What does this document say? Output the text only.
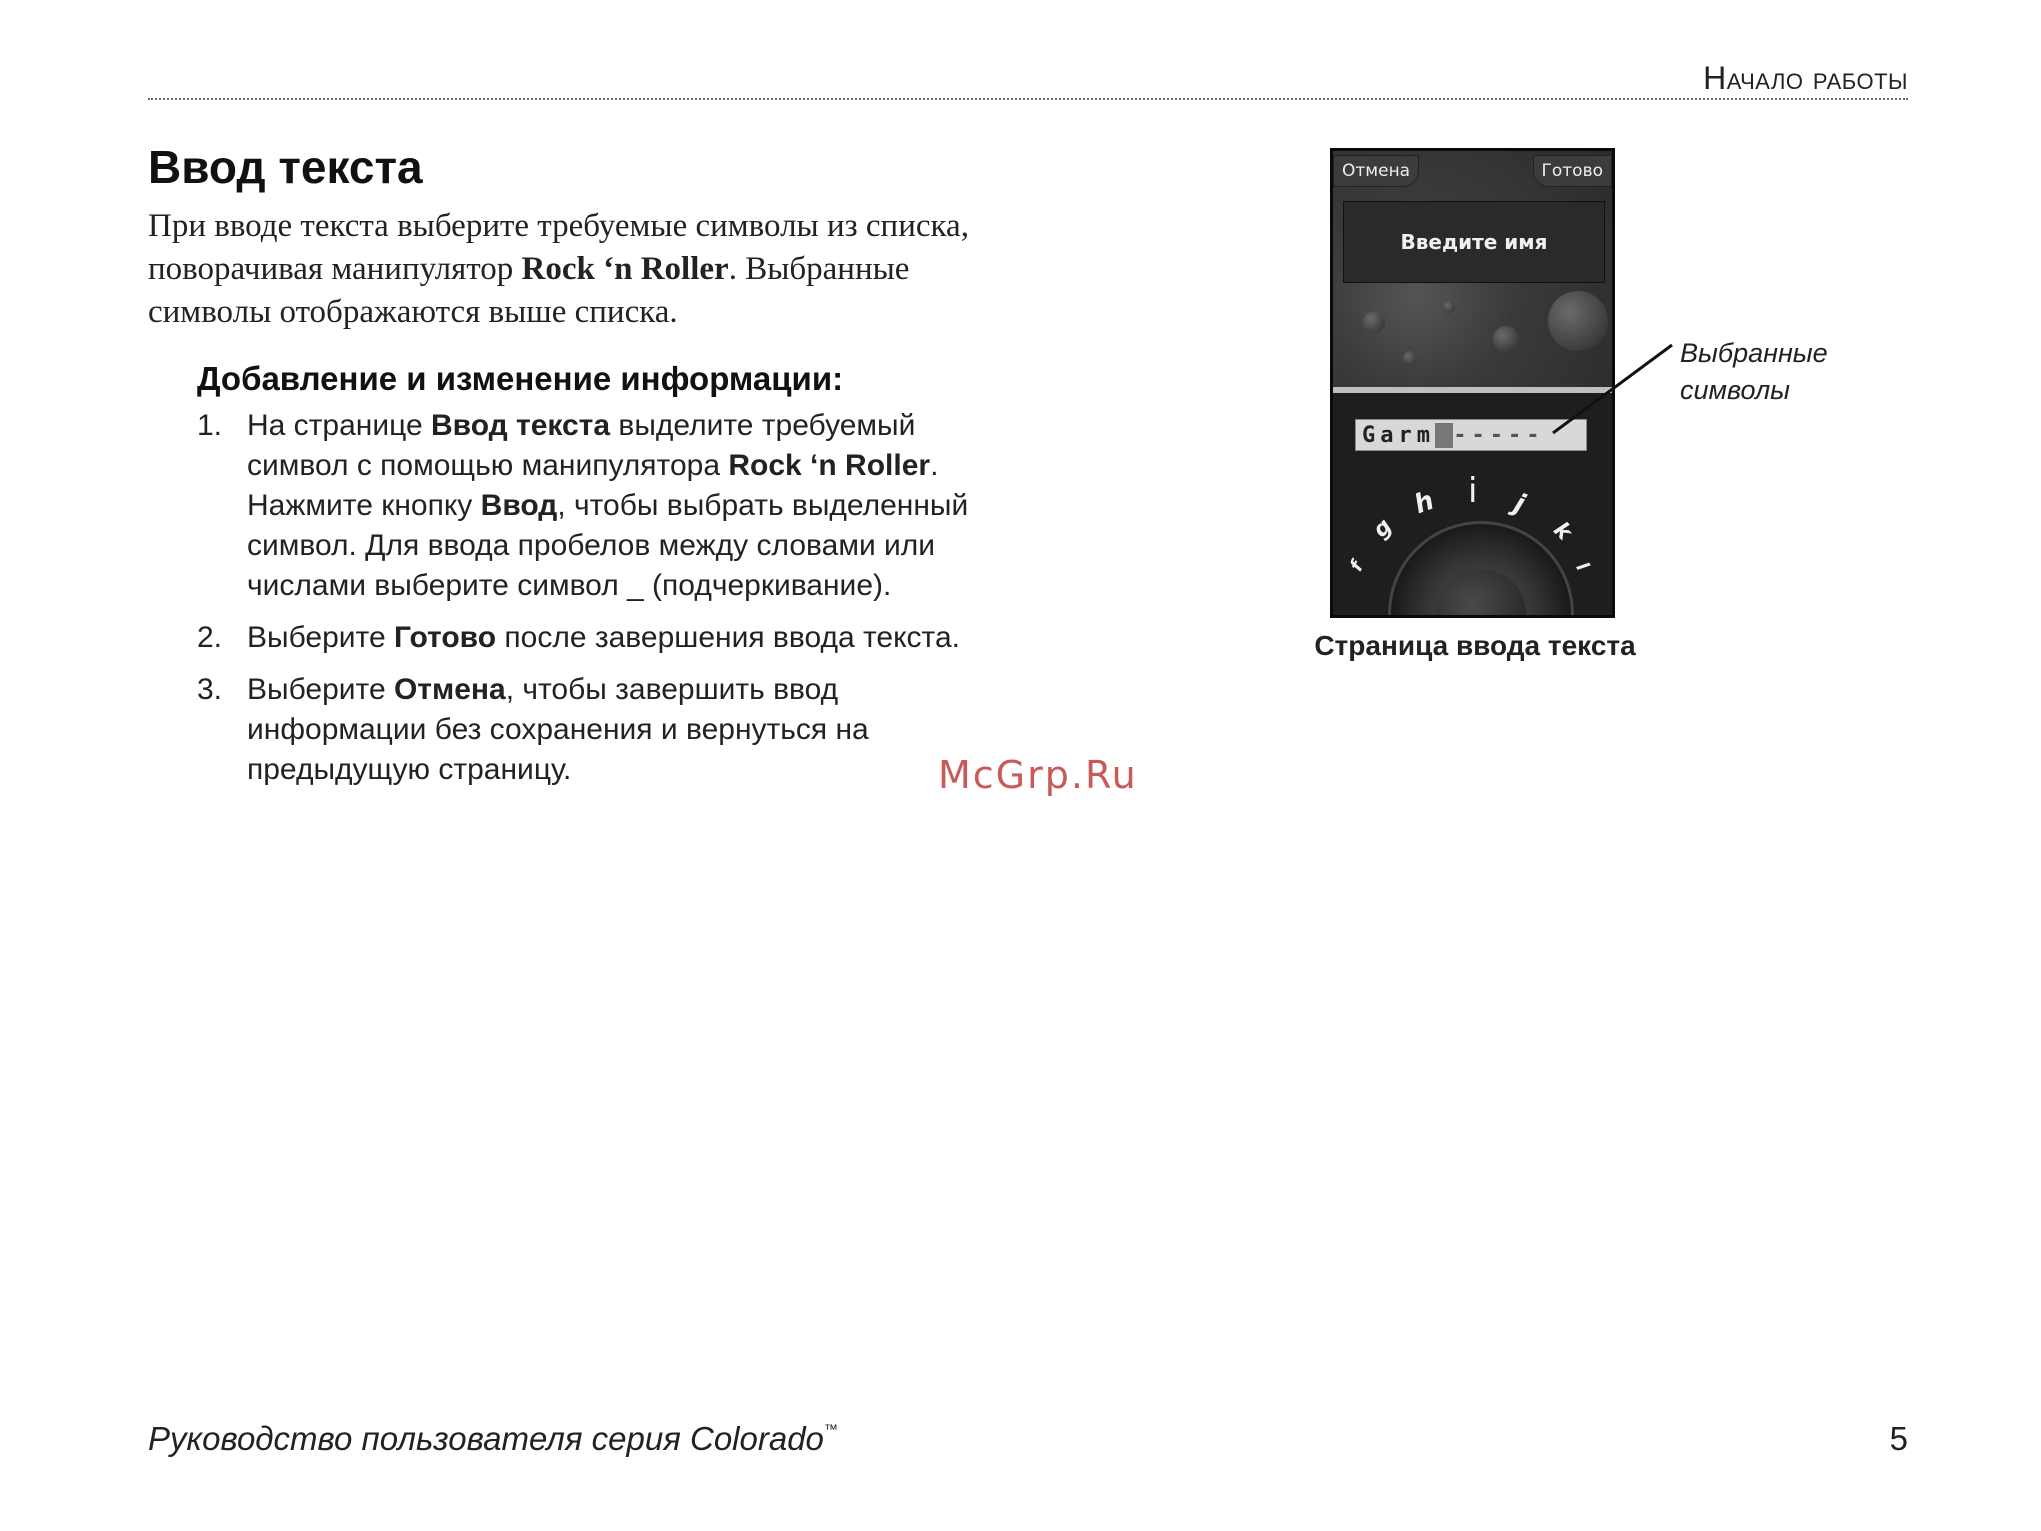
Начало работы
Ввод текста

При вводе текста выберите требуемые символы из списка, поворачивая манипулятор Rock ‘n Roller. Выбранные символы отображаются выше списка.

Добавление и изменение информации:
1. На странице Ввод текста выделите требуемый символ с помощью манипулятора Rock ‘n Roller. Нажмите кнопку Ввод, чтобы выбрать выделенный символ. Для ввода пробелов между словами или числами выберите символ _ (подчеркивание).
2. Выберите Готово после завершения ввода текста.
3. Выберите Отмена, чтобы завершить ввод информации без сохранения и вернуться на предыдущую страницу.
Отмена	Готово
Введите имя
Garm_-----
f
g
h i j
k
l
Выбранные
символы
Страница ввода текста
McGrp.Ru
Руководство пользователя серия Colorado™	5
